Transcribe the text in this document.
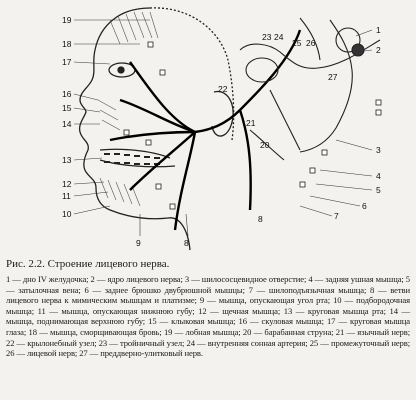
19
18
17
16
15
14
13
12
11
10
9	8
23 24
25 26
1
2
22
27
21
20	3
4
5
6
7
8

Рис. 2.2. Строение лицевого нерва.

1 — дно IV желудочка; 2 — ядро лицевого нерва; 3 — шилососцевидное отверстие; 4 — задняя ушная мышца; 5 — затылочная вена; 6 — заднее брюшко двубрюшной мышцы; 7 — шилоподъязычная мышца; 8 — ветви лицевого нерва к мимическим мышцам и платизме; 9 — мышца, опускающая угол рта; 10 — подбородочная мышца; 11 — мышца, опускающая нижнюю губу; 12 — щечная мышца; 13 — круговая мышца рта; 14 — мышца, поднимающая верхнюю губу; 15 — клыковая мышца; 16 — скуловая мышца; 17 — круговая мышца глаза; 18 — мышца, сморщивающая бровь; 19 — лобная мышца; 20 — барабанная струна; 21 — язычный нерв; 22 — крылонебный узел; 23 — тройничный узел; 24 — внутренняя сонная артерия; 25 — промежуточный нерв; 26 — лицевой нерв; 27 — преддверно-улитковый нерв.
